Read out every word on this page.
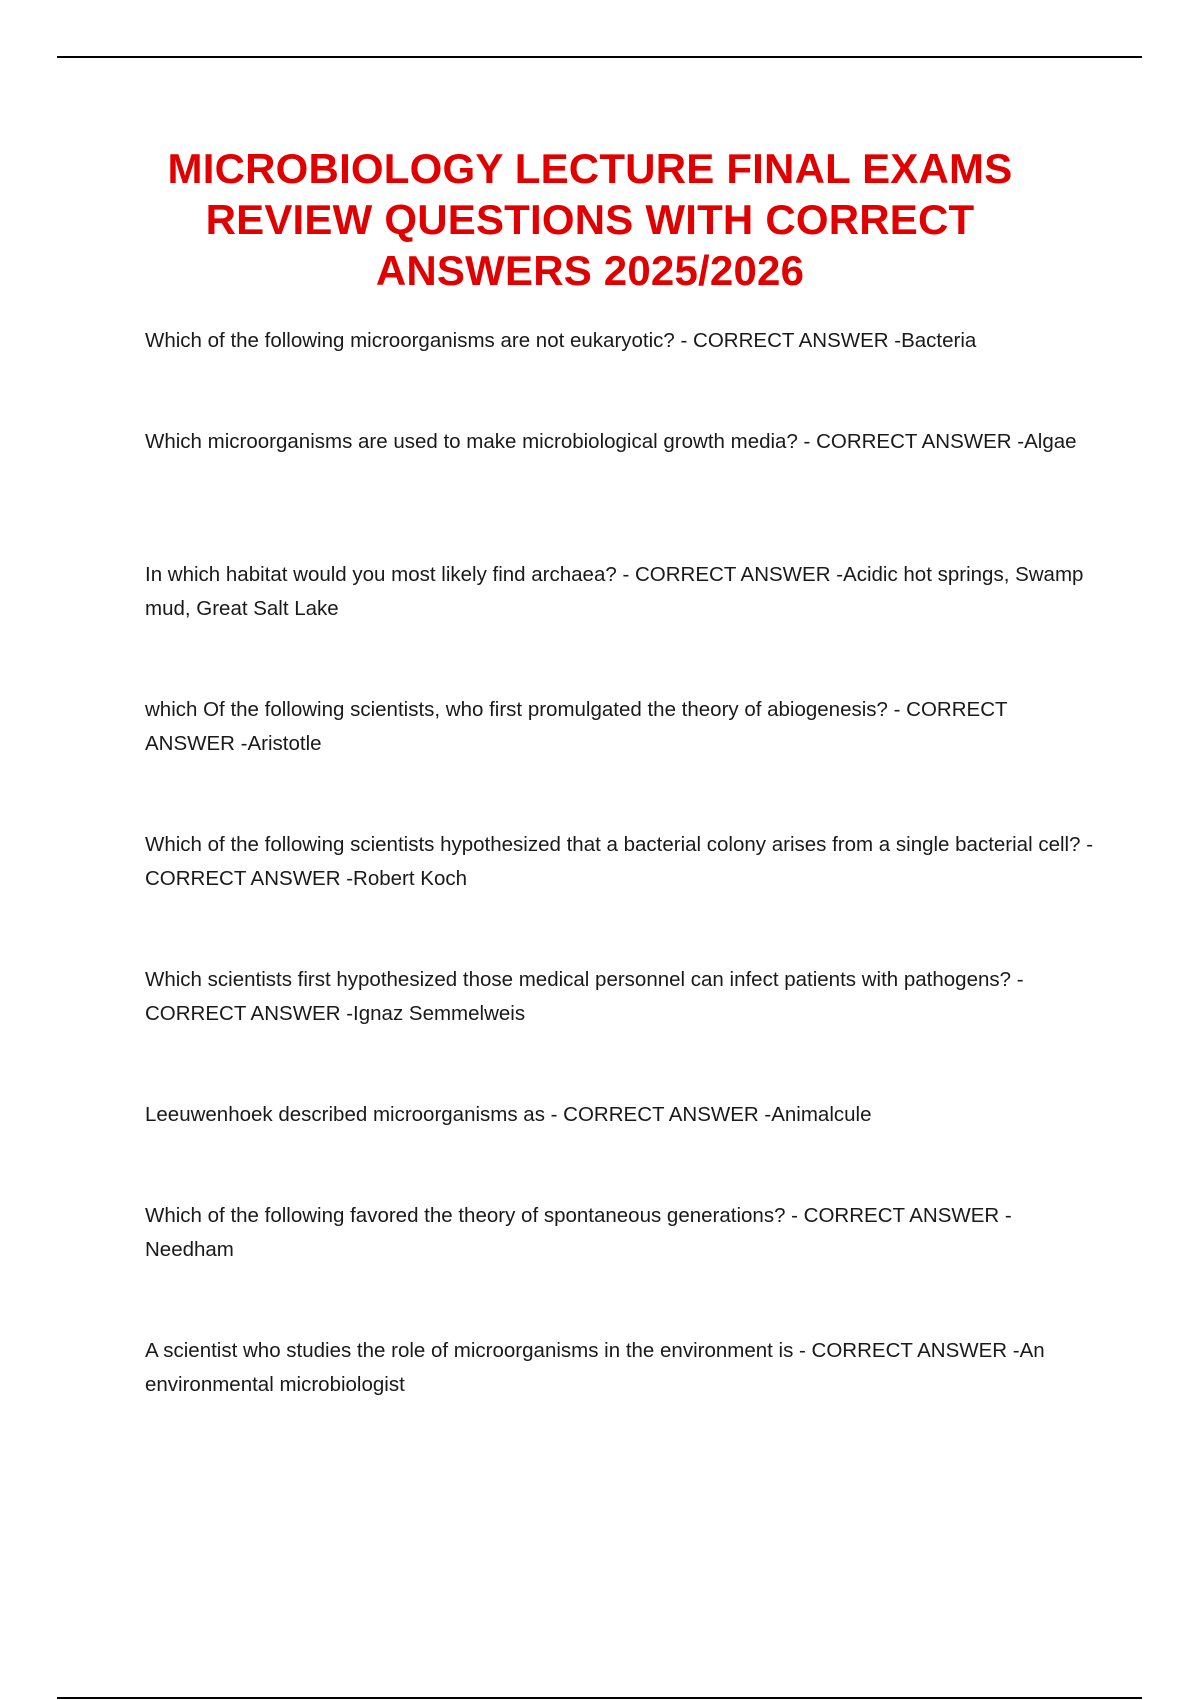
MICROBIOLOGY LECTURE FINAL EXAMS REVIEW QUESTIONS WITH CORRECT ANSWERS 2025/2026

Which of the following microorganisms are not eukaryotic? - CORRECT ANSWER -Bacteria

Which microorganisms are used to make microbiological growth media? - CORRECT ANSWER -Algae

In which habitat would you most likely find archaea? - CORRECT ANSWER -Acidic hot springs, Swamp mud, Great Salt Lake

which Of the following scientists, who first promulgated the theory of abiogenesis? - CORRECT ANSWER -Aristotle

Which of the following scientists hypothesized that a bacterial colony arises from a single bacterial cell? - CORRECT ANSWER -Robert Koch

Which scientists first hypothesized those medical personnel can infect patients with pathogens? - CORRECT ANSWER -Ignaz Semmelweis

Leeuwenhoek described microorganisms as - CORRECT ANSWER -Animalcule

Which of the following favored the theory of spontaneous generations? - CORRECT ANSWER -Needham

A scientist who studies the role of microorganisms in the environment is - CORRECT ANSWER -An environmental microbiologist
